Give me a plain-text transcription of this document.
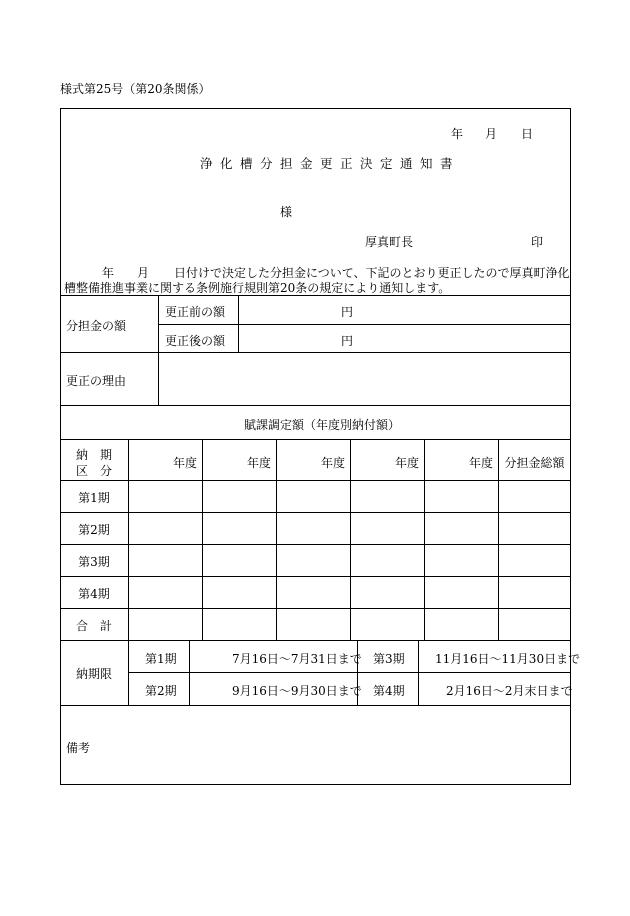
様式第25号（第20条関係）
年 月 日
浄化槽分担金更正決定通知書
様
厚真町長	印
年 月 日付けで決定した分担金について、下記のとおり更正したので厚真町浄化
槽整備推進事業に関する条例施行規則第20条の規定により通知します。
分担金の額
更正前の額	円
更正後の額	円
更正の理由
賦課調定額（年度別納付額）
納　期
区　分
年度	年度	年度	年度	年度 分担金総額
第1期
第2期
第3期
第4期
合　計
納期限
第1期	7月16日～7月31日まで 第3期	11月16日～11月30日まで
第2期	9月16日～9月30日まで 第4期	2月16日～2月末日まで
備考
